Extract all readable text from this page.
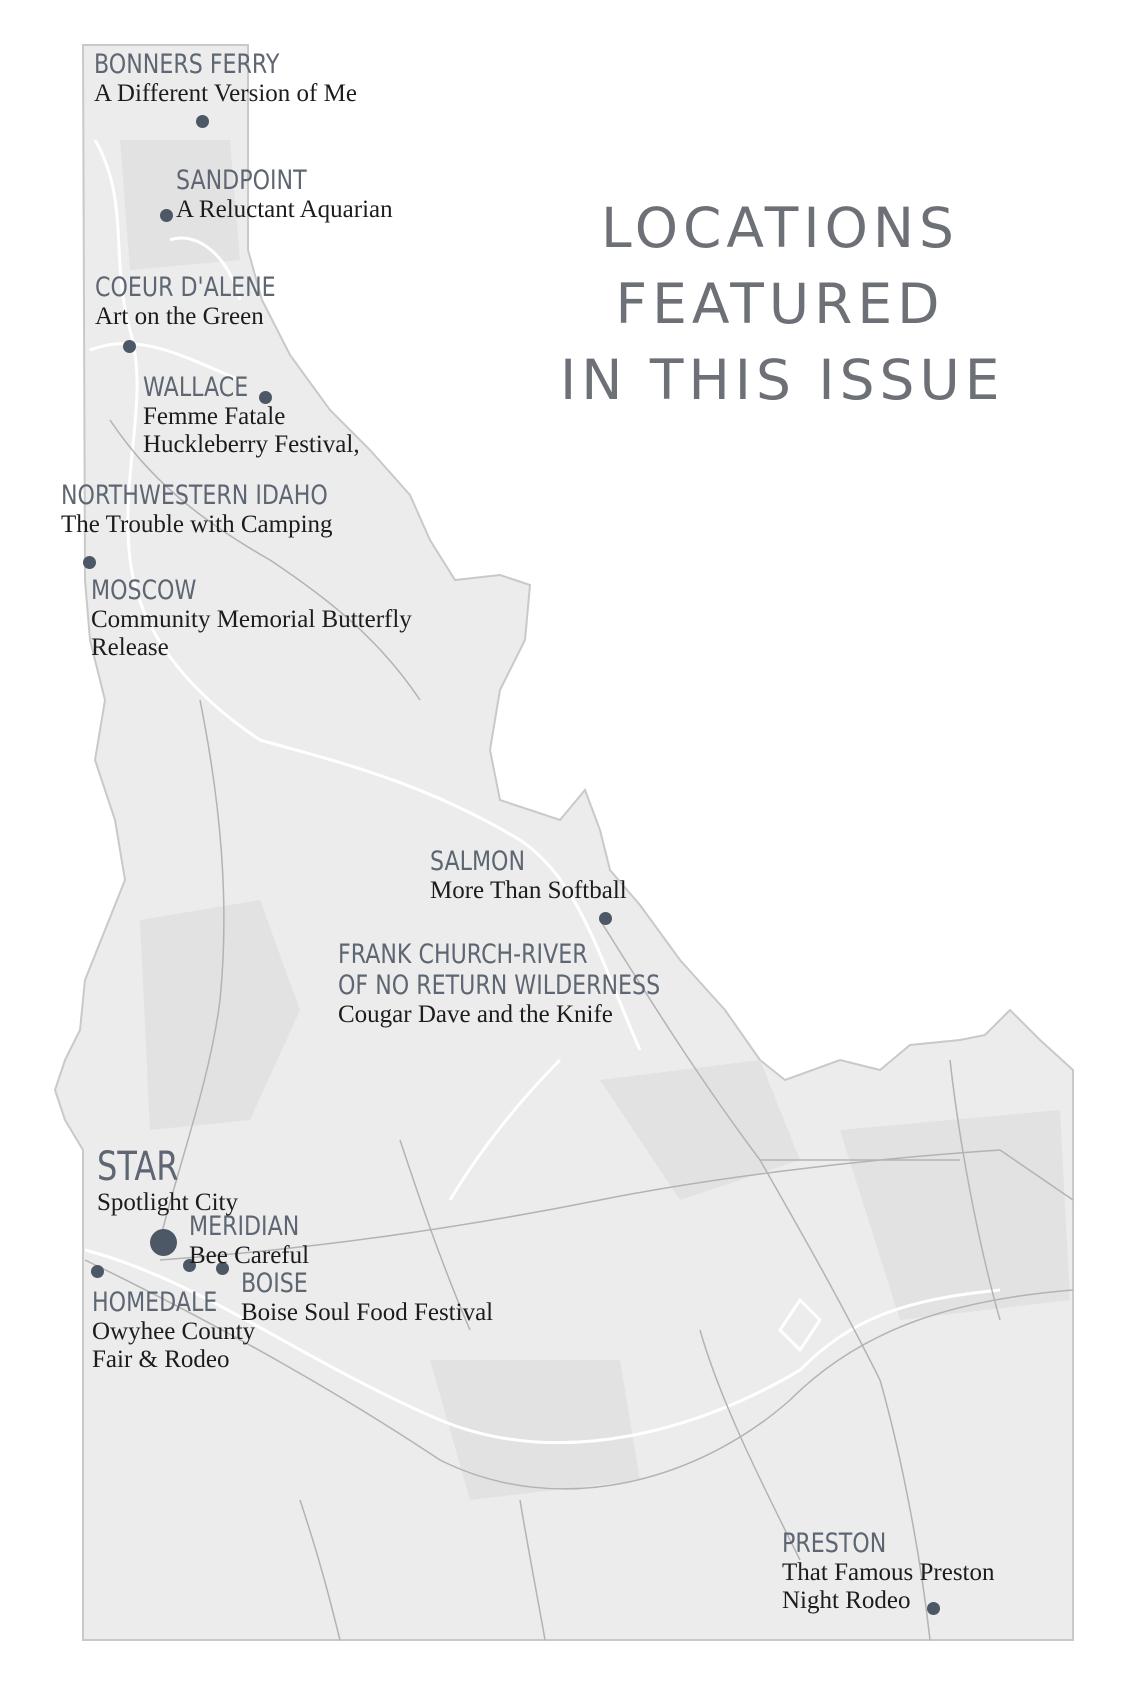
LOCATIONS
FEATURED
IN THIS ISSUE
BONNERS FERRY
A Different Version of Me
SANDPOINT
A Reluctant Aquarian
COEUR D'ALENE
Art on the Green
WALLACE
Femme Fatale
Huckleberry Festival,
NORTHWESTERN IDAHO
The Trouble with Camping
MOSCOW
Community Memorial Butterfly
Release
SALMON
More Than Softball
FRANK CHURCH-RIVER
OF NO RETURN WILDERNESS
Cougar Dave and the Knife
STAR
Spotlight City
MERIDIAN
Bee Careful
BOISE
Boise Soul Food Festival
HOMEDALE
Owyhee County
Fair & Rodeo
PRESTON
That Famous Preston
Night Rodeo
